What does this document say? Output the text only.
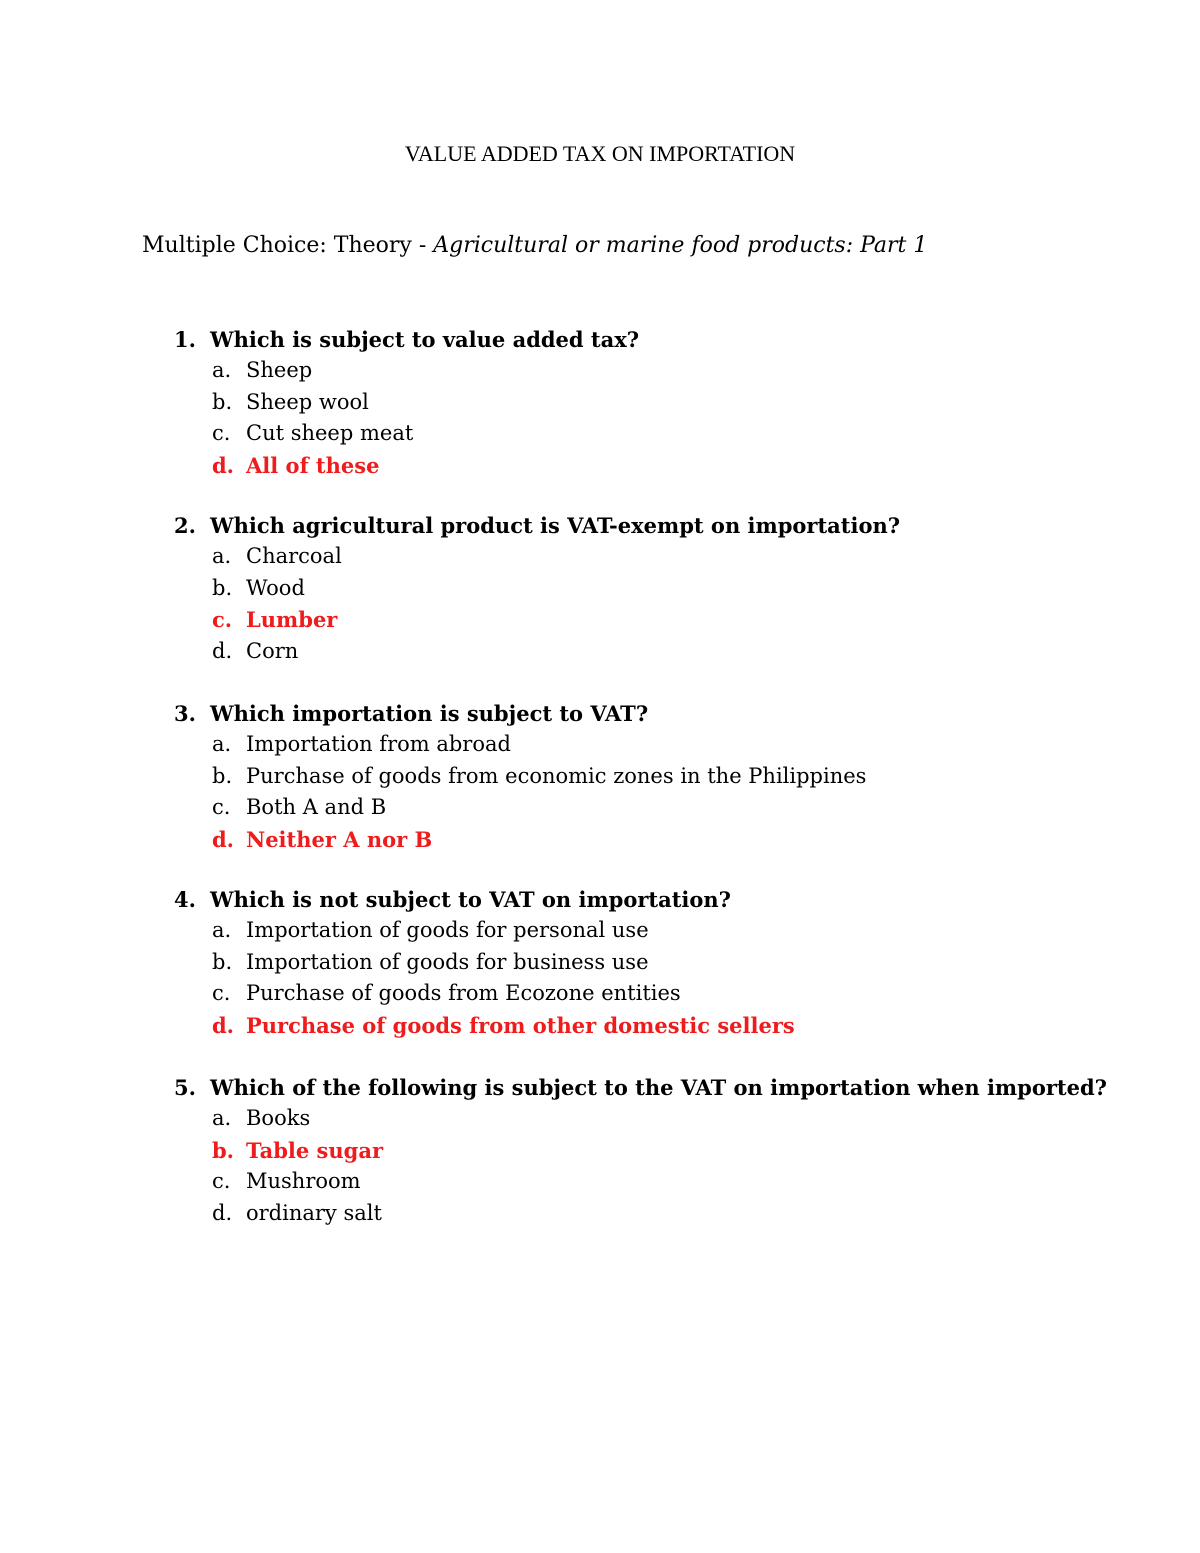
VALUE ADDED TAX ON IMPORTATION
Multiple Choice: Theory - Agricultural or marine food products: Part 1
1. Which is subject to value added tax?
a. Sheep
b. Sheep wool
c. Cut sheep meat
d. All of these
2. Which agricultural product is VAT-exempt on importation?
a. Charcoal
b. Wood
c. Lumber
d. Corn
3. Which importation is subject to VAT?
a. Importation from abroad
b. Purchase of goods from economic zones in the Philippines
c. Both A and B
d. Neither A nor B
4. Which is not subject to VAT on importation?
a. Importation of goods for personal use
b. Importation of goods for business use
c. Purchase of goods from Ecozone entities
d. Purchase of goods from other domestic sellers
5. Which of the following is subject to the VAT on importation when imported?
a. Books
b. Table sugar
c. Mushroom
d. ordinary salt
